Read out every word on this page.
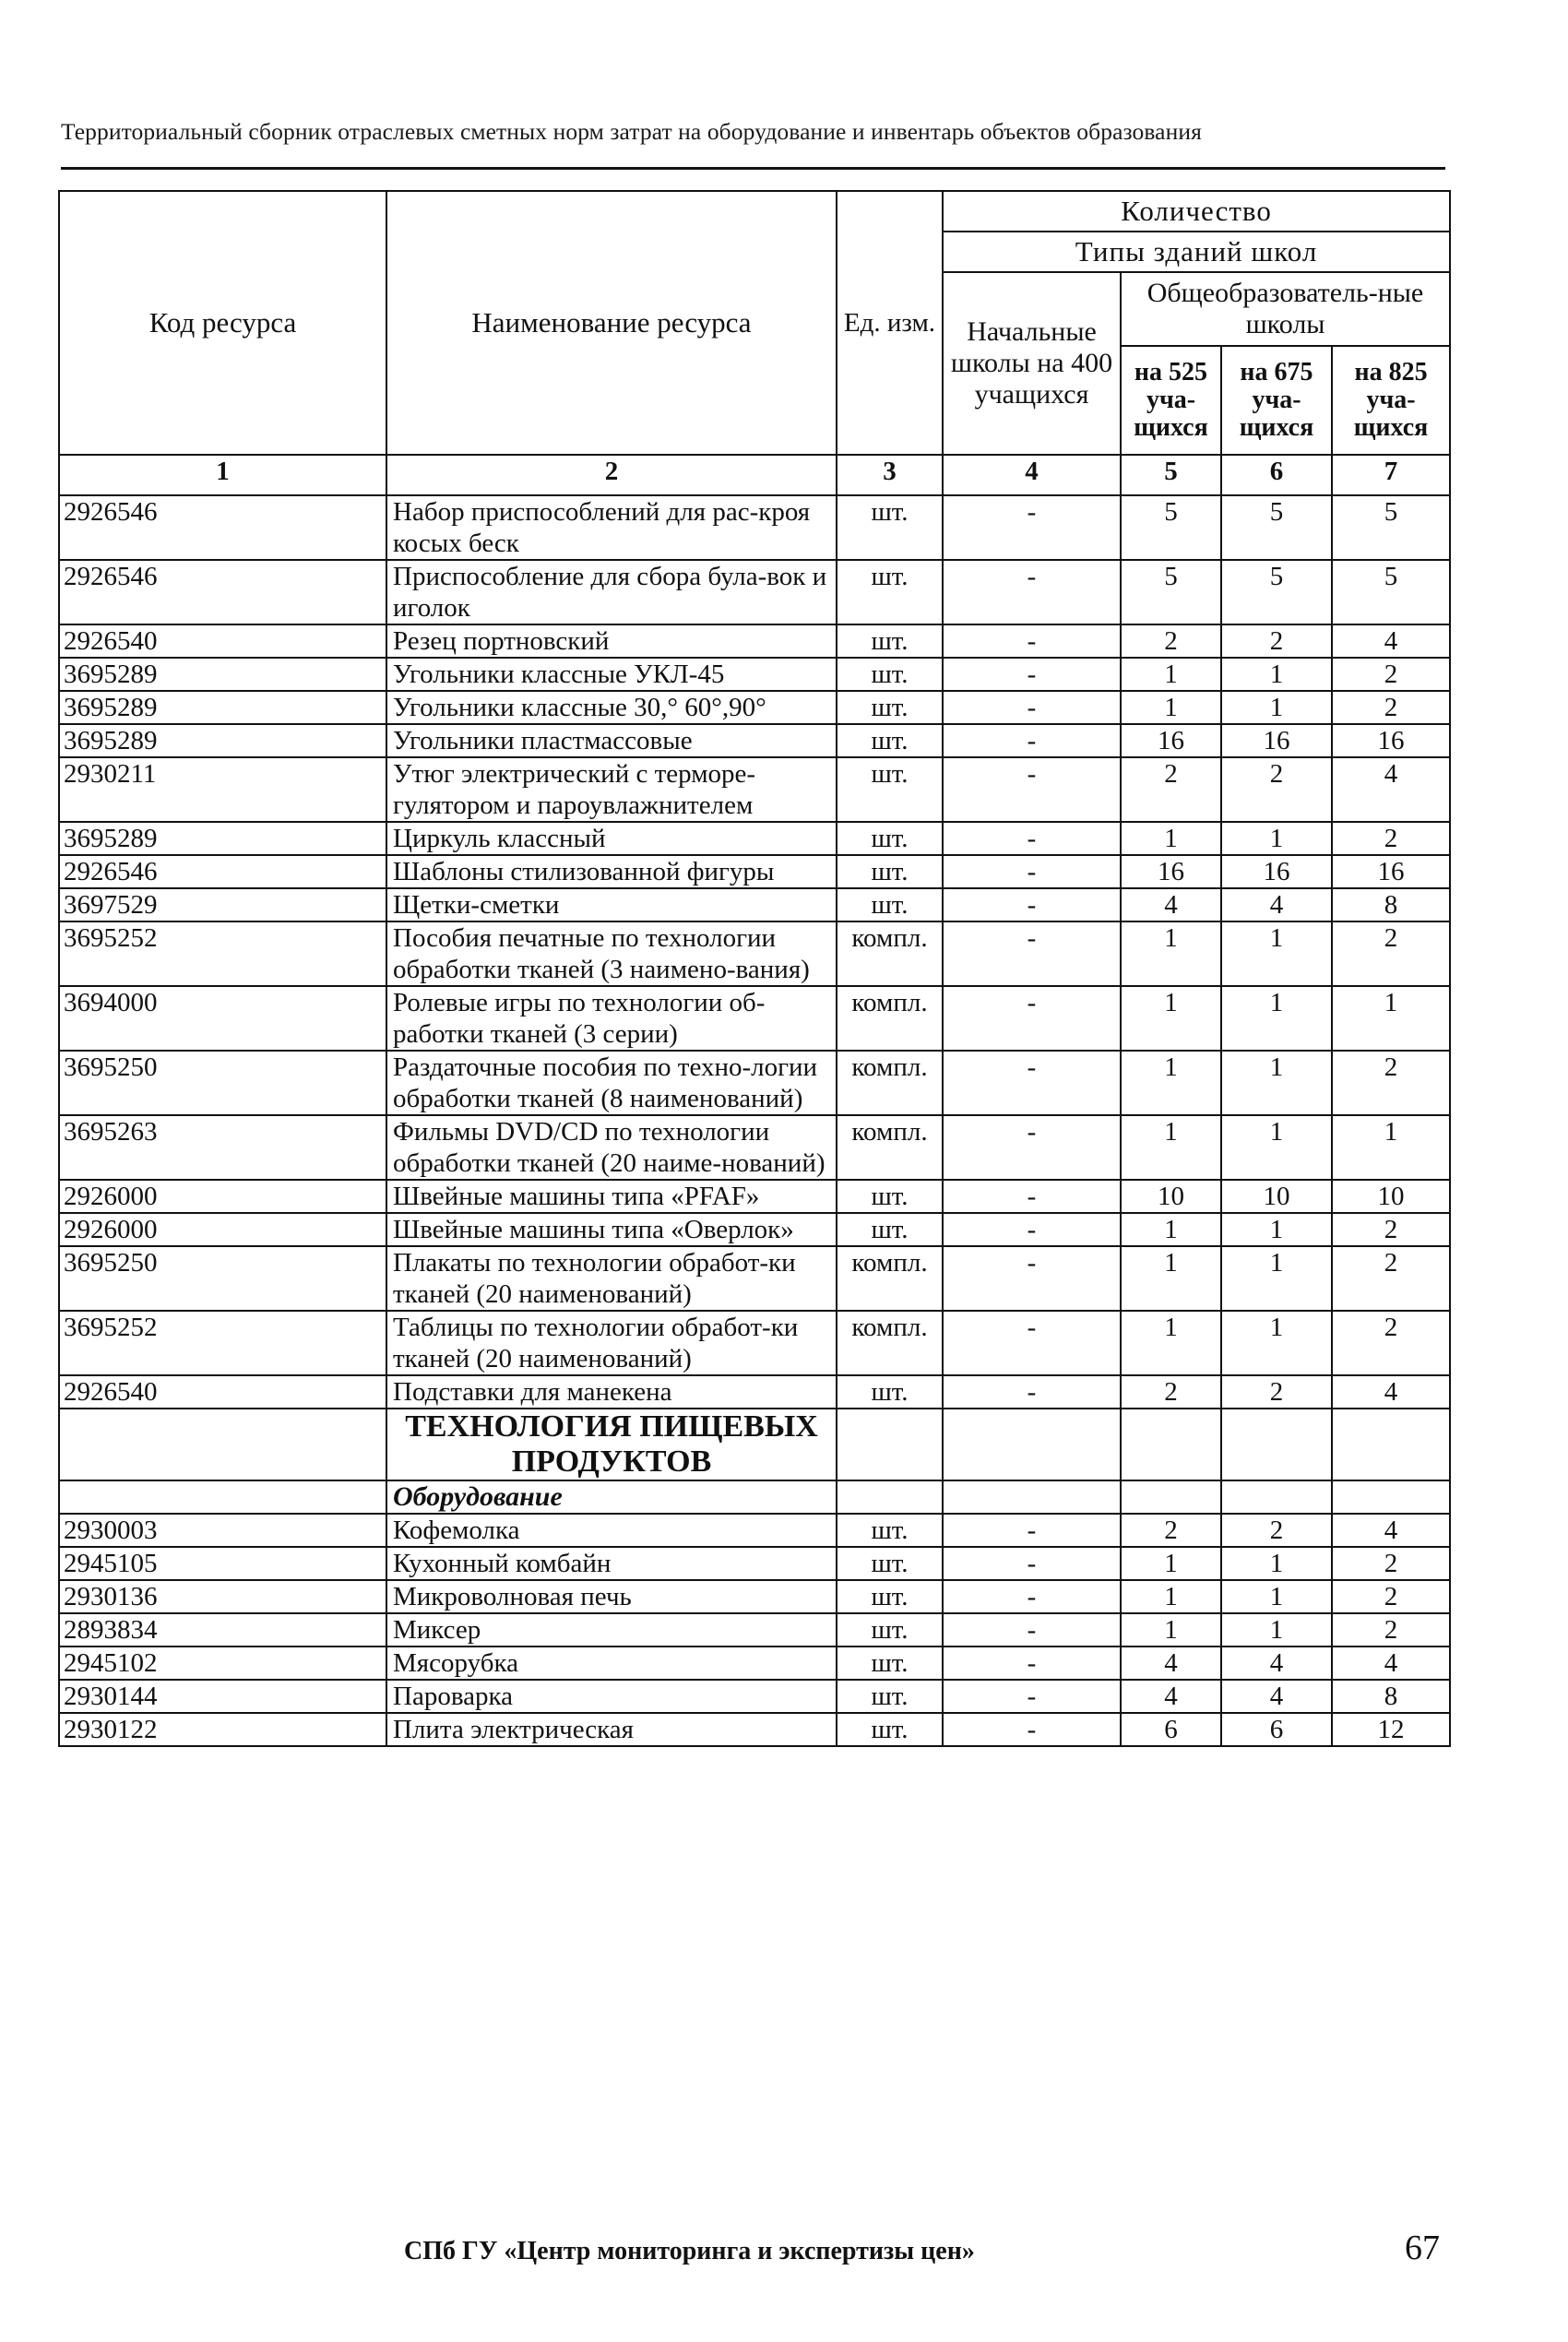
Территориальный сборник отраслевых сметных норм затрат на оборудование и инвентарь объектов образования
Код ресурса	Наименование ресурса	Ед. изм.	Количество			
			Типы зданий школ			
			Начальные школы на 400 учащихся	Общеобразователь-ные школы		
				на 525 уча-щихся	на 675 уча-щихся	на 825 уча-щихся
1	2	3	4	5	6	7
2926546	Набор приспособлений для рас-кроя косых беск	шт.	-	5	5	5
2926546	Приспособление для сбора була-вок и иголок	шт.	-	5	5	5
2926540	Резец портновский	шт.	-	2	2	4
3695289	Угольники классные УКЛ-45	шт.	-	1	1	2
3695289	Угольники классные 30,° 60°,90°	шт.	-	1	1	2
3695289	Угольники пластмассовые	шт.	-	16	16	16
2930211	Утюг электрический с терморе-гулятором и пароувлажнителем	шт.	-	2	2	4
3695289	Циркуль классный	шт.	-	1	1	2
2926546	Шаблоны стилизованной фигуры	шт.	-	16	16	16
3697529	Щетки-сметки	шт.	-	4	4	8
3695252	Пособия печатные по технологии обработки тканей (3 наимено-вания)	компл.	-	1	1	2
3694000	Ролевые игры по технологии об-работки тканей (3 серии)	компл.	-	1	1	1
3695250	Раздаточные пособия по техно-логии обработки тканей (8 наименований)	компл.	-	1	1	2
3695263	Фильмы DVD/CD по технологии обработки тканей (20 наиме-нований)	компл.	-	1	1	1
2926000	Швейные машины типа «PFAF»	шт.	-	10	10	10
2926000	Швейные машины типа «Оверлок»	шт.	-	1	1	2
3695250	Плакаты по технологии обработ-ки тканей (20 наименований)	компл.	-	1	1	2
3695252	Таблицы по технологии обработ-ки тканей (20 наименований)	компл.	-	1	1	2
2926540	Подставки для манекена	шт.	-	2	2	4
	ТЕХНОЛОГИЯ ПИЩЕВЫХ ПРОДУКТОВ					
	Оборудование					
2930003	Кофемолка	шт.	-	2	2	4
2945105	Кухонный комбайн	шт.	-	1	1	2
2930136	Микроволновая печь	шт.	-	1	1	2
2893834	Миксер	шт.	-	1	1	2
2945102	Мясорубка	шт.	-	4	4	4
2930144	Пароварка	шт.	-	4	4	8
2930122	Плита электрическая	шт.	-	6	6	12
СПб ГУ «Центр мониторинга и экспертизы цен»	67
